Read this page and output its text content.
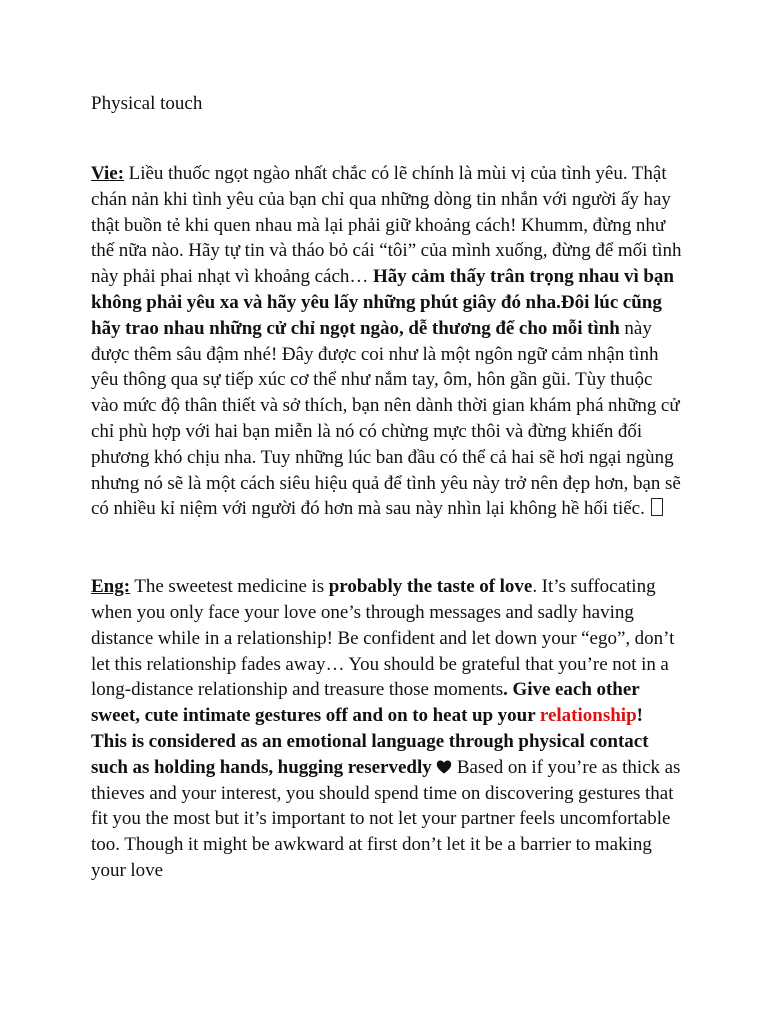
Physical touch

Vie: Liều thuốc ngọt ngào nhất chắc có lẽ chính là mùi vị của tình yêu. Thật chán nản khi tình yêu của bạn chỉ qua những dòng tin nhắn với người ấy hay thật buồn tẻ khi quen nhau mà lại phải giữ khoảng cách! Khumm, đừng như thế nữa nào. Hãy tự tin và tháo bỏ cái “tôi” của mình xuống, đừng để mối tình này phải phai nhạt vì khoảng cách… Hãy cảm thấy trân trọng nhau vì bạn không phải yêu xa và hãy yêu lấy những phút giây đó nha.Đôi lúc cũng hãy trao nhau những cử chỉ ngọt ngào, dễ thương để cho mỗi tình này được thêm sâu đậm nhé! Đây được coi như là một ngôn ngữ cảm nhận tình yêu thông qua sự tiếp xúc cơ thể như nắm tay, ôm, hôn gần gũi. Tùy thuộc vào mức độ thân thiết và sở thích, bạn nên dành thời gian khám phá những cử chỉ phù hợp với hai bạn miễn là nó có chừng mực thôi và đừng khiến đối phương khó chịu nha. Tuy những lúc ban đầu có thể cả hai sẽ hơi ngại ngùng nhưng nó sẽ là một cách siêu hiệu quả để tình yêu này trở nên đẹp hơn, bạn sẽ có nhiều kỉ niệm với người đó hơn mà sau này nhìn lại không hề hối tiếc.

Eng: The sweetest medicine is probably the taste of love. It’s suffocating when you only face your love one’s through messages and sadly having distance while in a relationship! Be confident and let down your “ego”, don’t let this relationship fades away… You should be grateful that you’re not in a long-distance relationship and treasure those moments. Give each other sweet, cute intimate gestures off and on to heat up your relationship! This is considered as an emotional language through physical contact such as holding hands, hugging reservedly  Based on if you’re as thick as thieves and your interest, you should spend time on discovering gestures that fit you the most but it’s important to not let your partner feels uncomfortable too. Though it might be awkward at first don’t let it be a barrier to making your love
